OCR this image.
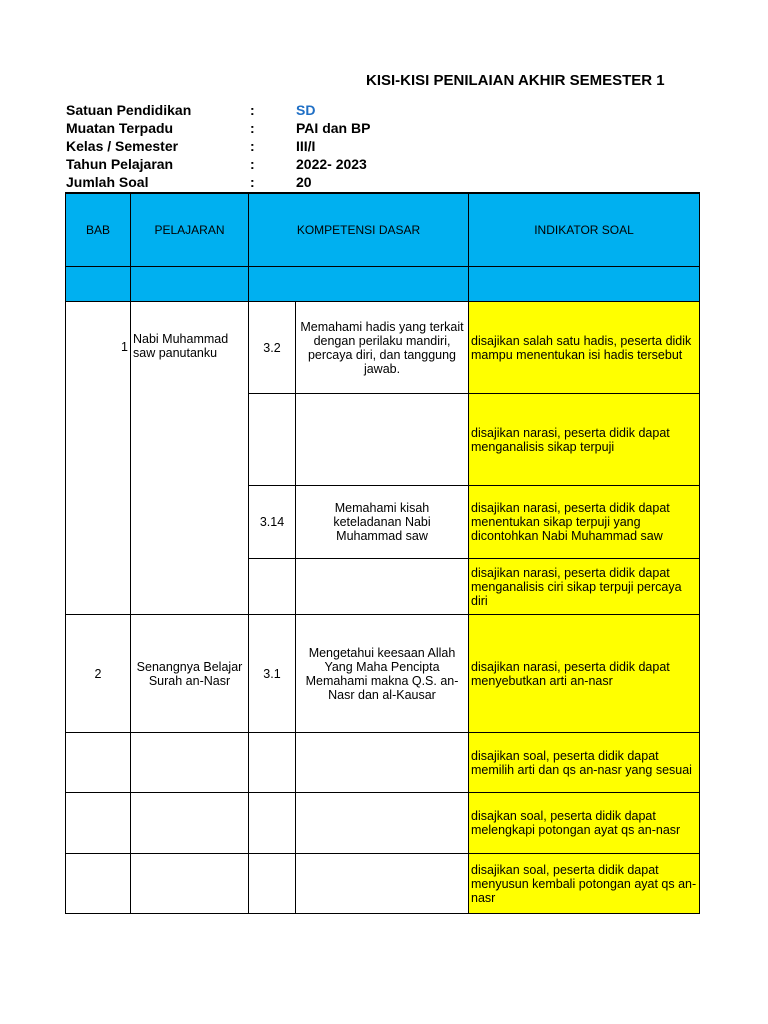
KISI-KISI PENILAIAN AKHIR SEMESTER 1
Satuan Pendidikan	:	SD
Muatan Terpadu	:	PAI dan BP
Kelas / Semester	:	III/I
Tahun Pelajaran	:	2022- 2023
Jumlah Soal	:	20
BAB	PELAJARAN	KOMPETENSI DASAR		INDIKATOR SOAL

1	Nabi Muhammad saw panutanku	3.2	Memahami hadis yang terkait dengan perilaku mandiri, percaya diri, dan tanggung jawab.	disajikan salah satu hadis, peserta didik mampu menentukan isi hadis tersebut
				disajikan narasi, peserta didik dapat menganalisis sikap terpuji
		3.14	Memahami kisah keteladanan Nabi Muhammad saw	disajikan narasi, peserta didik dapat menentukan sikap terpuji yang dicontohkan Nabi Muhammad saw
				disajikan narasi, peserta didik dapat menganalisis ciri sikap terpuji percaya diri
2	Senangnya Belajar Surah an-Nasr	3.1	Mengetahui keesaan Allah Yang Maha Pencipta Memahami makna Q.S. an-Nasr dan al-Kausar	disajikan narasi, peserta didik dapat menyebutkan arti an-nasr
				disajikan soal, peserta didik dapat memilih arti dan qs an-nasr yang sesuai
				disajkan soal, peserta didik dapat melengkapi potongan ayat qs an-nasr
				disajikan soal, peserta didik dapat menyusun kembali potongan ayat qs an-nasr
